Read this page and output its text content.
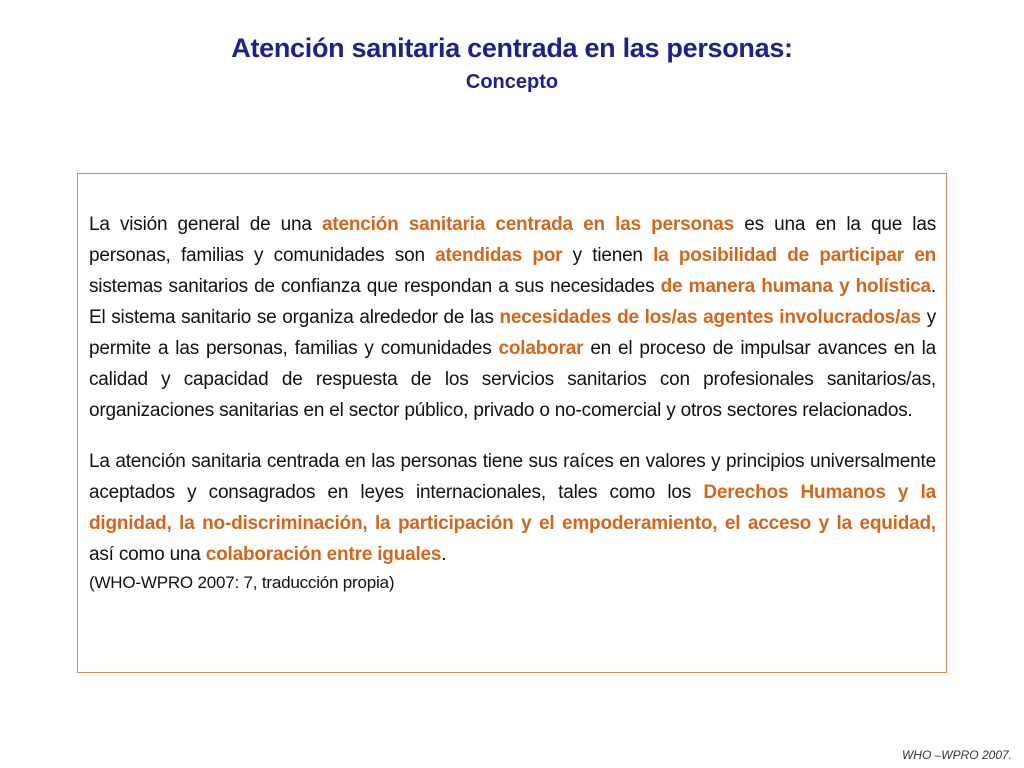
Atención sanitaria centrada en las personas:
Concepto

La visión general de una atención sanitaria centrada en las personas es una en la que las personas, familias y comunidades son atendidas por y tienen la posibilidad de participar en sistemas sanitarios de confianza que respondan a sus necesidades de manera humana y holística. El sistema sanitario se organiza alrededor de las necesidades de los/as agentes involucrados/as y permite a las personas, familias y comunidades colaborar en el proceso de impulsar avances en la calidad y capacidad de respuesta de los servicios sanitarios con profesionales sanitarios/as, organizaciones sanitarias en el sector público, privado o no-comercial y otros sectores relacionados.

La atención sanitaria centrada en las personas tiene sus raíces en valores y principios universalmente aceptados y consagrados en leyes internacionales, tales como los Derechos Humanos y la dignidad, la no-discriminación, la participación y el empoderamiento, el acceso y la equidad, así como una colaboración entre iguales.

(WHO-WPRO 2007: 7, traducción propia)

WHO –WPRO 2007.
